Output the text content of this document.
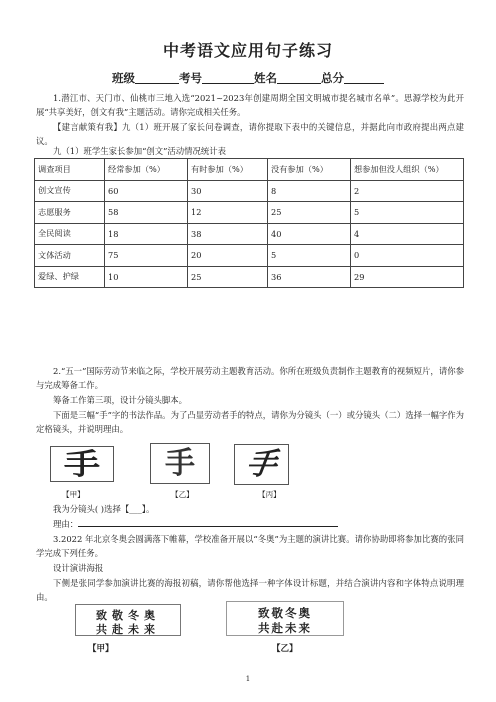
中考语文应用句子练习
班级	考号	姓名	总分
1.潜江市、天门市、仙桃市三地入选“2021~2023年创建周期全国文明城市提名城市名单”。思源学校为此开展“共享美好，创文有我”主题活动。请你完成相关任务。
【建言献策有我】九（1）班开展了家长问卷调查，请你提取下表中的关键信息，并据此向市政府提出两点建议。
九（1）班学生家长参加“创文”活动情况统计表
调查项目	经常参加（%）	有时参加（%）	没有参加（%）	想参加但没人组织（%）
创文宣传	60	30	8	2
志愿服务	58	12	25	5
全民阅读	18	38	40	4
文体活动	75	20	5	0
爱绿、护绿	10	25	36	29
2.“五一”国际劳动节来临之际，学校开展劳动主题教育活动。你所在班级负责制作主题教育的视频短片，请你参与完成筹备工作。
筹备工作第三项，设计分镜头脚本。
下面是三幅“手”字的书法作品。为了凸显劳动者手的特点，请你为分镜头（一）或分镜头（二）选择一幅字作为定格镜头，并说明理由。
手	手	手
【甲】	【乙】	【丙】
我为分镜头( )选择【___】。
理由：
3.2022 年北京冬奥会圆满落下帷幕，学校准备开展以“冬奥”为主题的演讲比赛。请你协助即将参加比赛的张同学完成下列任务。
设计演讲海报
下侧是张同学参加演讲比赛的海报初稿，请你帮他选择一种字体设计标题，并结合演讲内容和字体特点说明理由。
致敬冬奥
共赴未来
致敬冬奥
共赴未来
【甲】	【乙】
1
